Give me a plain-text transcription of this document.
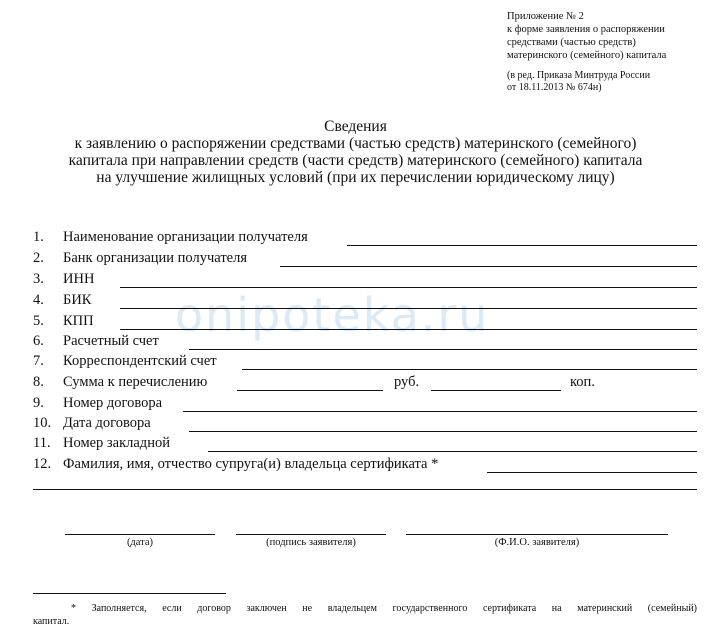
Приложение № 2
к форме заявления о распоряжении
средствами (частью средств)
материнского (семейного) капитала
(в ред. Приказа Минтруда России
от 18.11.2013 № 674н)
Сведения
к заявлению о распоряжении средствами (частью средств) материнского (семейного)
капитала при направлении средств (части средств) материнского (семейного) капитала
на улучшение жилищных условий (при их перечислении юридическому лицу)
onipoteka.ru
1. Наименование организации получателя
2. Банк организации получателя
3. ИНН
4. БИК
5. КПП
6. Расчетный счет
7. Корреспондентский счет
8. Сумма к перечислению	руб.	коп.
9. Номер договора
10. Дата договора
11. Номер закладной
12. Фамилия, имя, отчество супруга(и) владельца сертификата *
(дата)	(подпись заявителя)	(Ф.И.О. заявителя)
* Заполняется, если договор заключен не владельцем государственного сертификата на материнский (семейный)
капитал.
